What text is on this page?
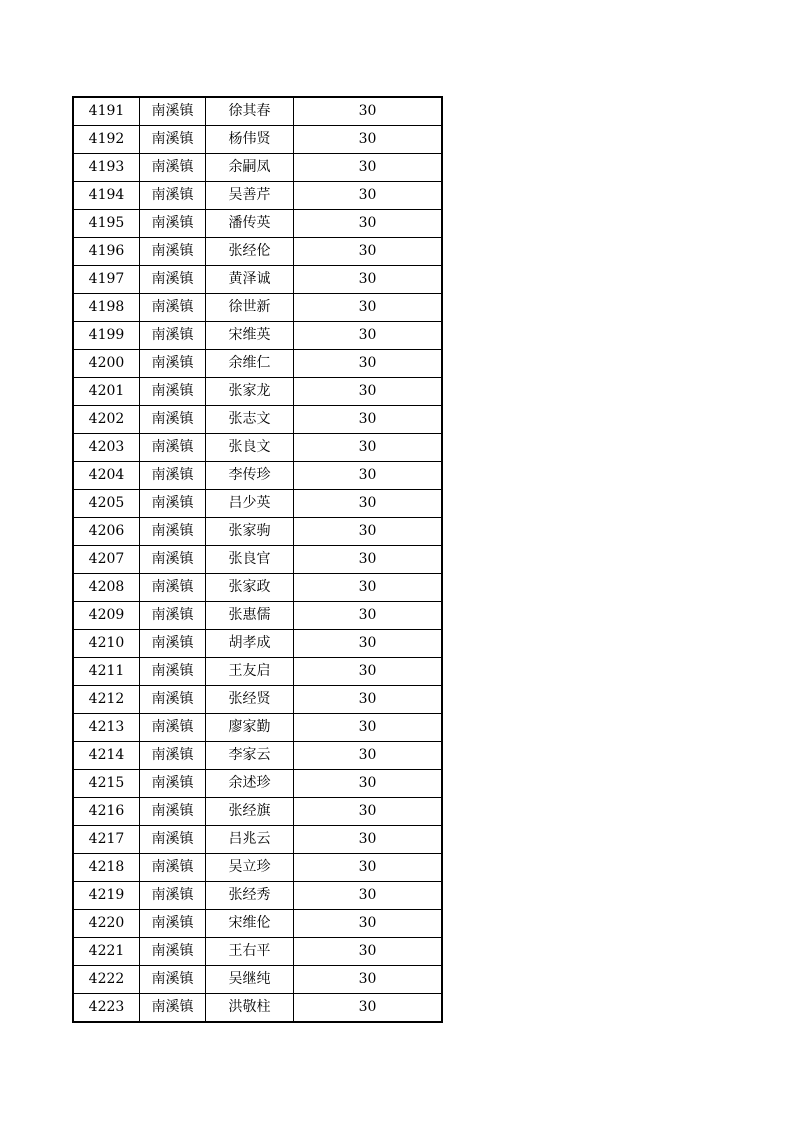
4191	南溪镇	徐其春	30
4192	南溪镇	杨伟贤	30
4193	南溪镇	余嗣凤	30
4194	南溪镇	吴善芹	30
4195	南溪镇	潘传英	30
4196	南溪镇	张经伦	30
4197	南溪镇	黄泽诚	30
4198	南溪镇	徐世新	30
4199	南溪镇	宋维英	30
4200	南溪镇	余维仁	30
4201	南溪镇	张家龙	30
4202	南溪镇	张志文	30
4203	南溪镇	张良文	30
4204	南溪镇	李传珍	30
4205	南溪镇	吕少英	30
4206	南溪镇	张家驹	30
4207	南溪镇	张良官	30
4208	南溪镇	张家政	30
4209	南溪镇	张惠儒	30
4210	南溪镇	胡孝成	30
4211	南溪镇	王友启	30
4212	南溪镇	张经贤	30
4213	南溪镇	廖家勤	30
4214	南溪镇	李家云	30
4215	南溪镇	余述珍	30
4216	南溪镇	张经旗	30
4217	南溪镇	吕兆云	30
4218	南溪镇	吴立珍	30
4219	南溪镇	张经秀	30
4220	南溪镇	宋维伦	30
4221	南溪镇	王右平	30
4222	南溪镇	吴继纯	30
4223	南溪镇	洪敬柱	30
